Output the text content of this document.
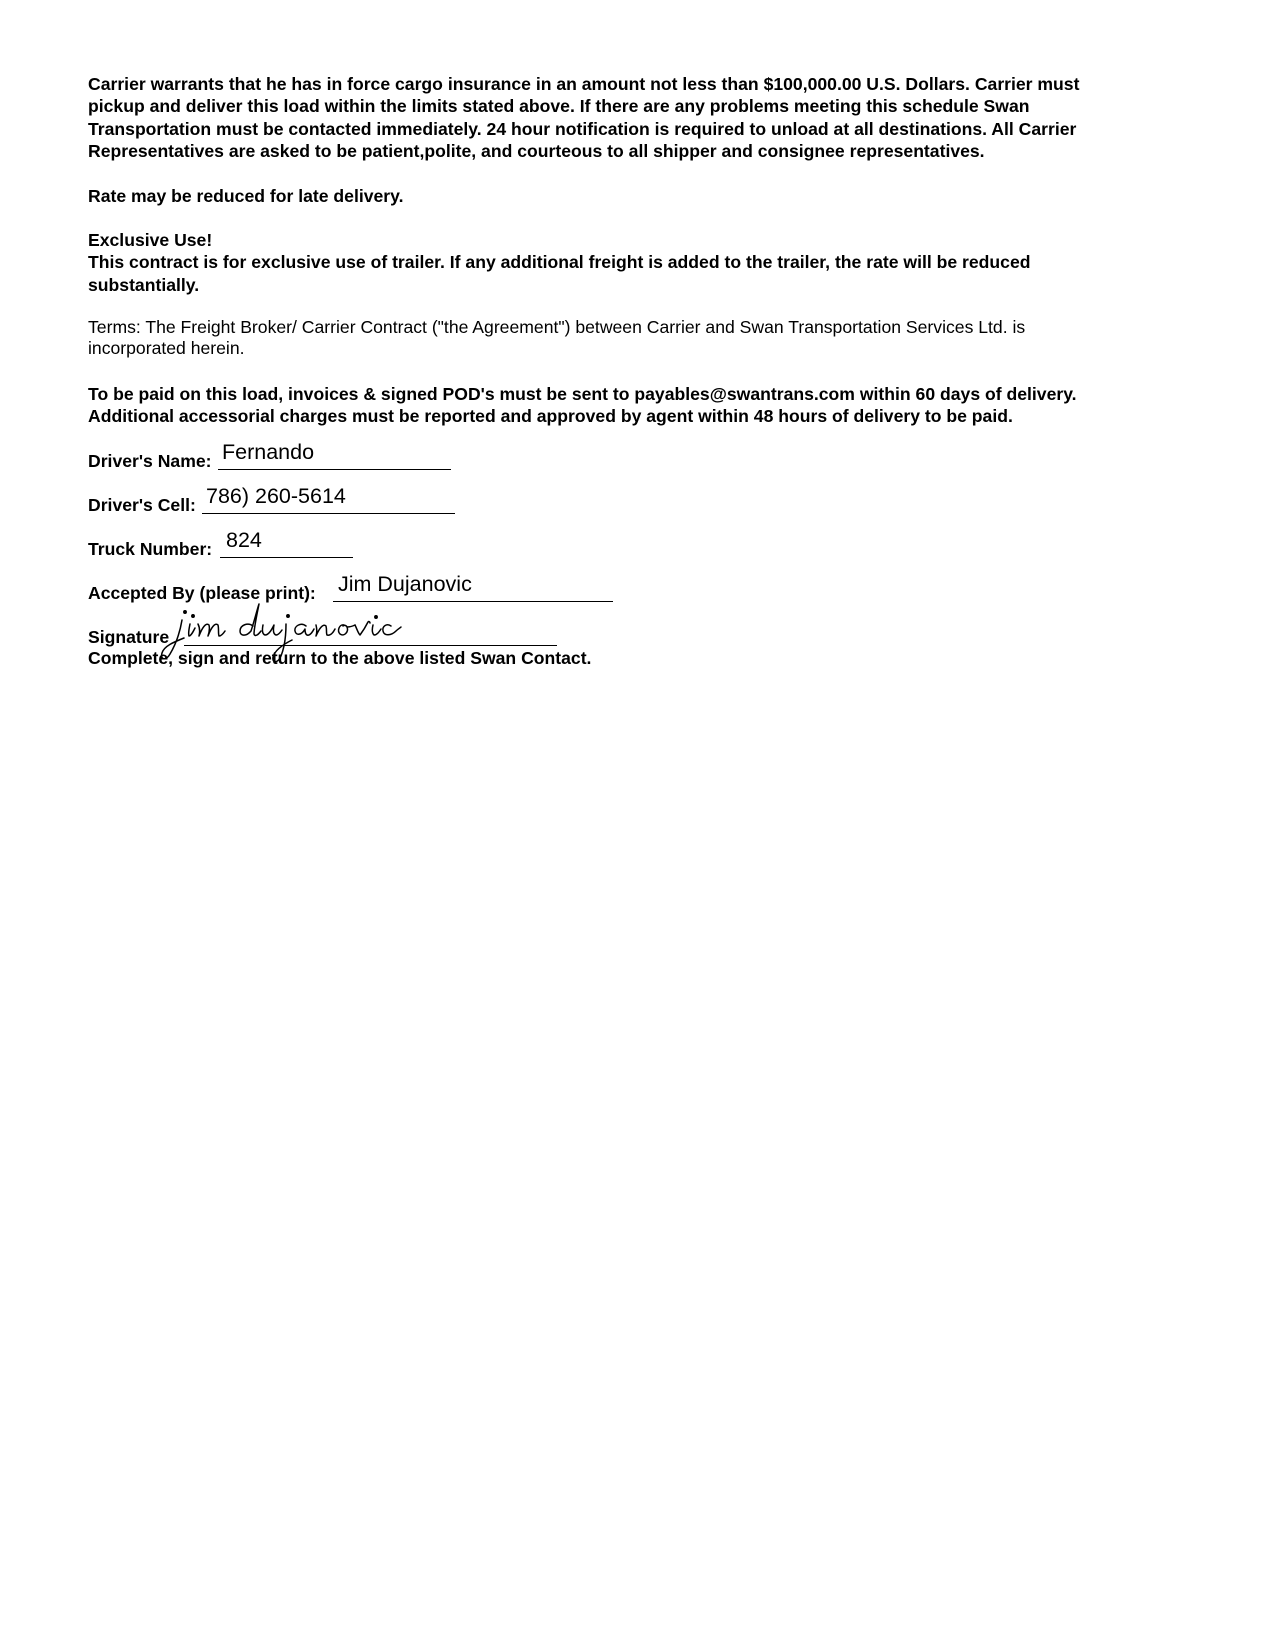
Carrier warrants that he has in force cargo insurance in an amount not less than $100,000.00 U.S. Dollars. Carrier must
pickup and deliver this load within the limits stated above. If there are any problems meeting this schedule Swan
Transportation must be contacted immediately. 24 hour notification is required to unload at all destinations. All Carrier
Representatives are asked to be patient,polite, and courteous to all shipper and consignee representatives.

Rate may be reduced for late delivery.

Exclusive Use!
This contract is for exclusive use of trailer. If any additional freight is added to the trailer, the rate will be reduced
substantially.

Terms: The Freight Broker/ Carrier Contract ("the Agreement") between Carrier and Swan Transportation Services Ltd. is
incorporated herein.

To be paid on this load, invoices & signed POD's must be sent to payables@swantrans.com within 60 days of delivery.
Additional accessorial charges must be reported and approved by agent within 48 hours of delivery to be paid.

Driver's Name: Fernando
Driver's Cell: 786) 260-5614
Truck Number: 824
Accepted By (please print): Jim Dujanovic
Signature

Complete, sign and return to the above listed Swan Contact.
